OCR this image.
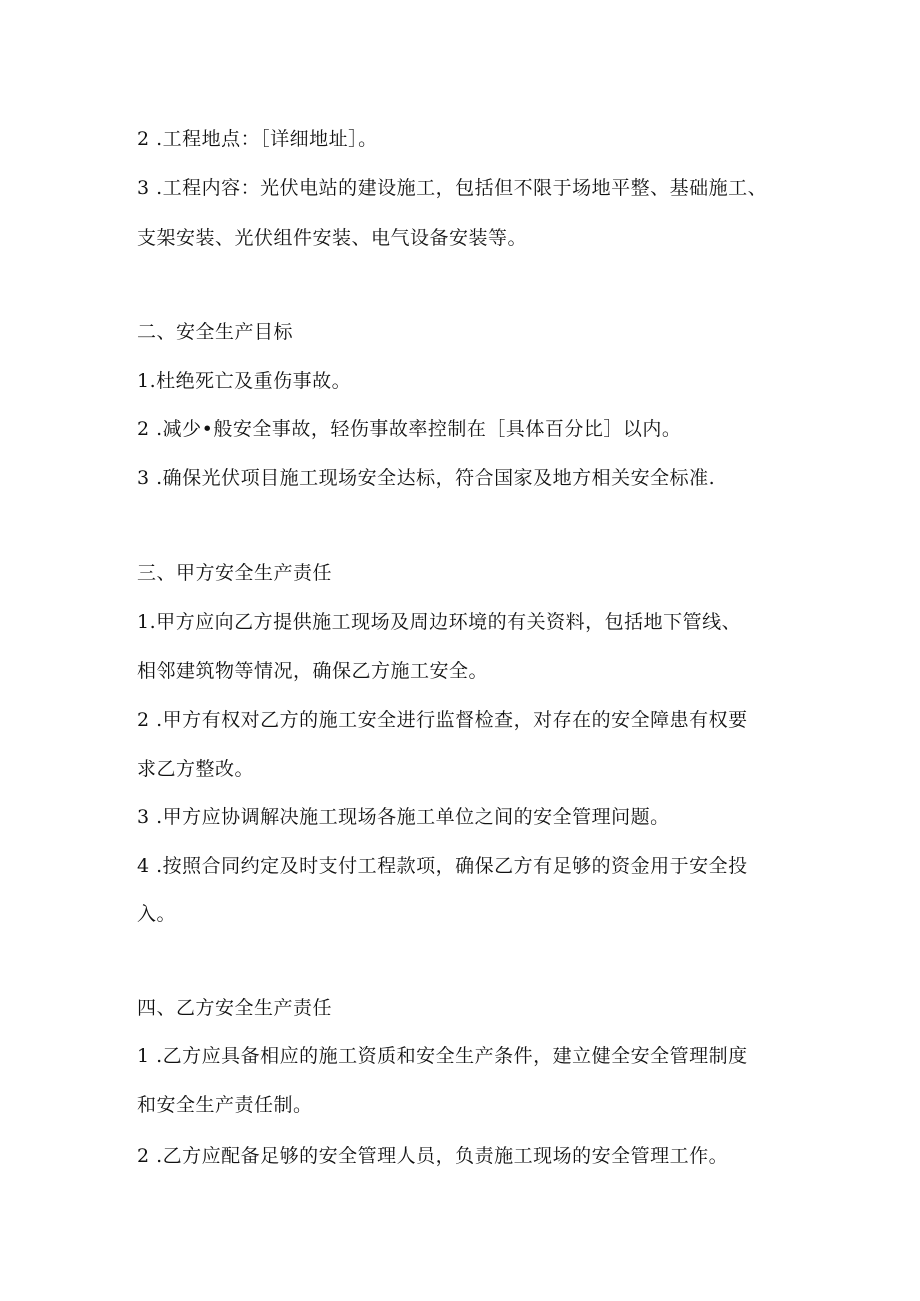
2 .工程地点：［详细地址］。
3 .工程内容：光伏电站的建设施工，包括但不限于场地平整、基础施工、
支架安装、光伏组件安装、电气设备安装等。
二、安全生产目标
1.杜绝死亡及重伤事故。
2 .减少•般安全事故，轻伤事故率控制在［具体百分比］以内。
3 .确保光伏项目施工现场安全达标，符合国家及地方相关安全标准.
三、甲方安全生产责任
1.甲方应向乙方提供施工现场及周边环境的有关资料，包括地下管线、
相邻建筑物等情况，确保乙方施工安全。
2 .甲方有权对乙方的施工安全进行监督检查，对存在的安全障患有权要
求乙方整改。
3 .甲方应协调解决施工现场各施工单位之间的安全管理问题。
4 .按照合同约定及时支付工程款项，确保乙方有足够的资金用于安全投
入。
四、乙方安全生产责任
1 .乙方应具备相应的施工资质和安全生产条件，建立健全安全管理制度
和安全生产责任制。
2 .乙方应配备足够的安全管理人员，负责施工现场的安全管理工作。
